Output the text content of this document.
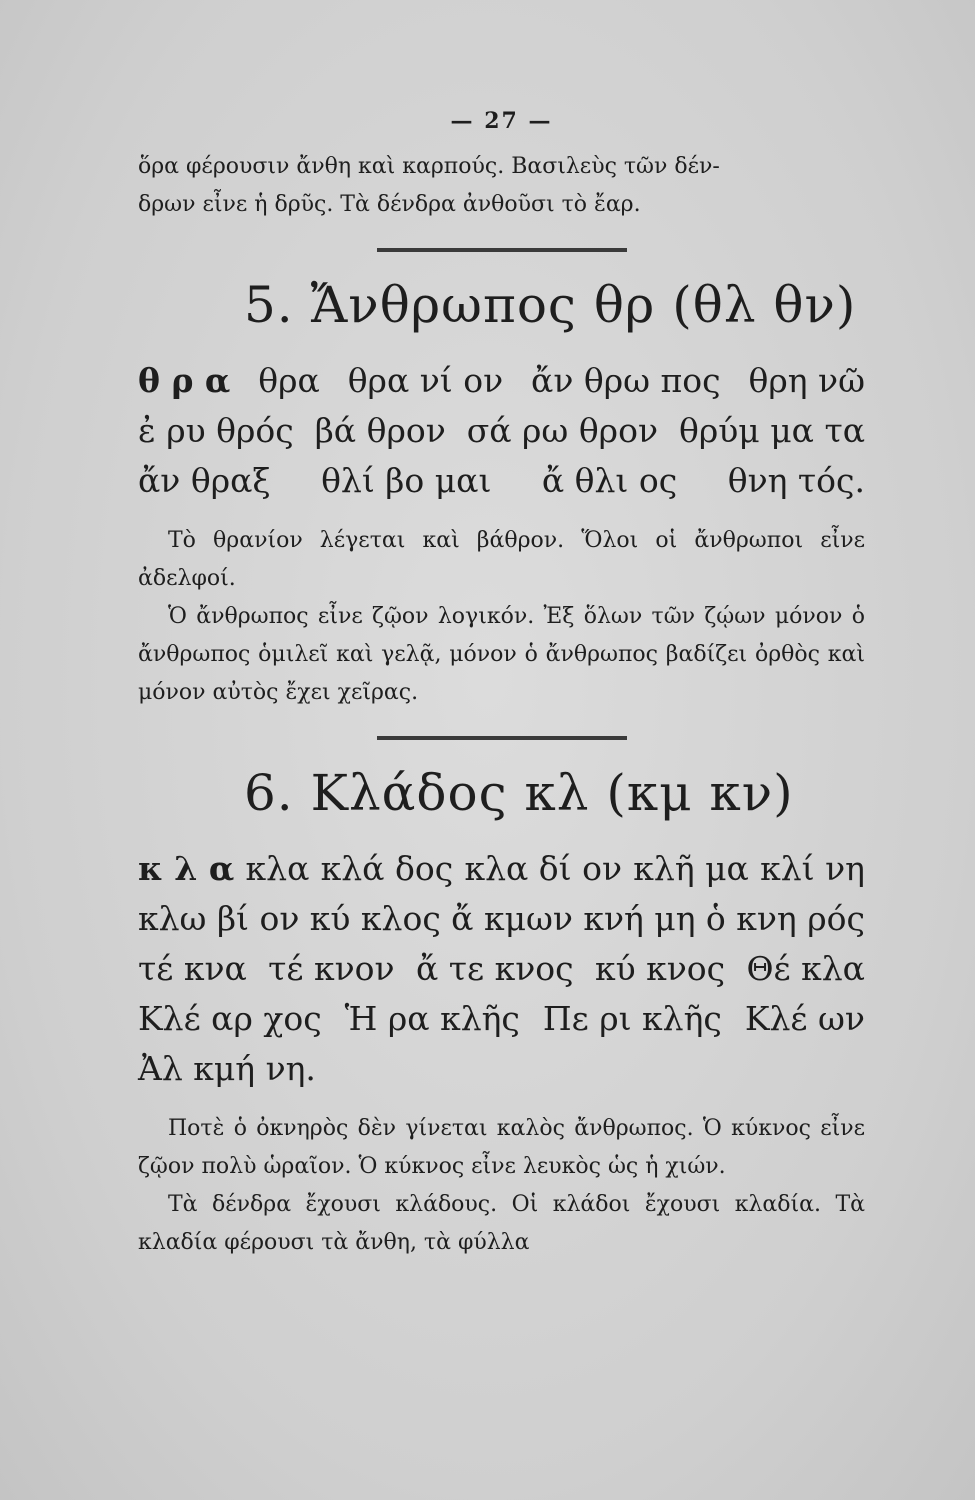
— 27 —

ὅρα φέρουσιν ἄνθη καὶ καρπούς. Βασιλεὺς τῶν δέν-

δρων εἶνε ἡ δρῦς. Τὰ δένδρα ἀνθοῦσι τὸ ἔαρ.

5. Ἄνθρωπος θρ (θλ θν)
θ ρ α θρα θρα νί ον ἄν θρω πος θρη νῶ
ἐ ρυ θρός βά θρον σά ρω θρον θρύμ μα τα
ἄν θραξ θλί βο μαι ἄ θλι ος θνη τός.

Τὸ θρανίον λέγεται καὶ βάθρον. Ὅλοι οἱ ἄνθρωποι εἶνε ἀδελφοί.

Ὁ ἄνθρωπος εἶνε ζῷον λογικόν. Ἐξ ὅλων τῶν ζῴων μόνον ὁ ἄνθρωπος ὁμιλεῖ καὶ γελᾷ, μόνον ὁ ἄνθρωπος βαδίζει ὀρθὸς καὶ μόνον αὐτὸς ἔχει χεῖρας.

6. Κλάδος κλ (κμ κν)
κ λ α κλα κλά δος κλα δί ον κλῆ μα κλί νη
κλω βί ον κύ κλος ἄ κμων κνή μη ὁ κνη ρός
τέ κνα τέ κνον ἄ τε κνος κύ κνος Θέ κλα
Κλέ αρ χος Ἡ ρα κλῆς Πε ρι κλῆς Κλέ ων
Ἀλ κμή νη.

Ποτὲ ὁ ὀκνηρὸς δὲν γίνεται καλὸς ἄνθρωπος. Ὁ κύκνος εἶνε ζῷον πολὺ ὡραῖον. Ὁ κύκνος εἶνε λευκὸς ὡς ἡ χιών.

Τὰ δένδρα ἔχουσι κλάδους. Οἱ κλάδοι ἔχουσι κλαδία. Τὰ κλαδία φέρουσι τὰ ἄνθη, τὰ φύλλα
